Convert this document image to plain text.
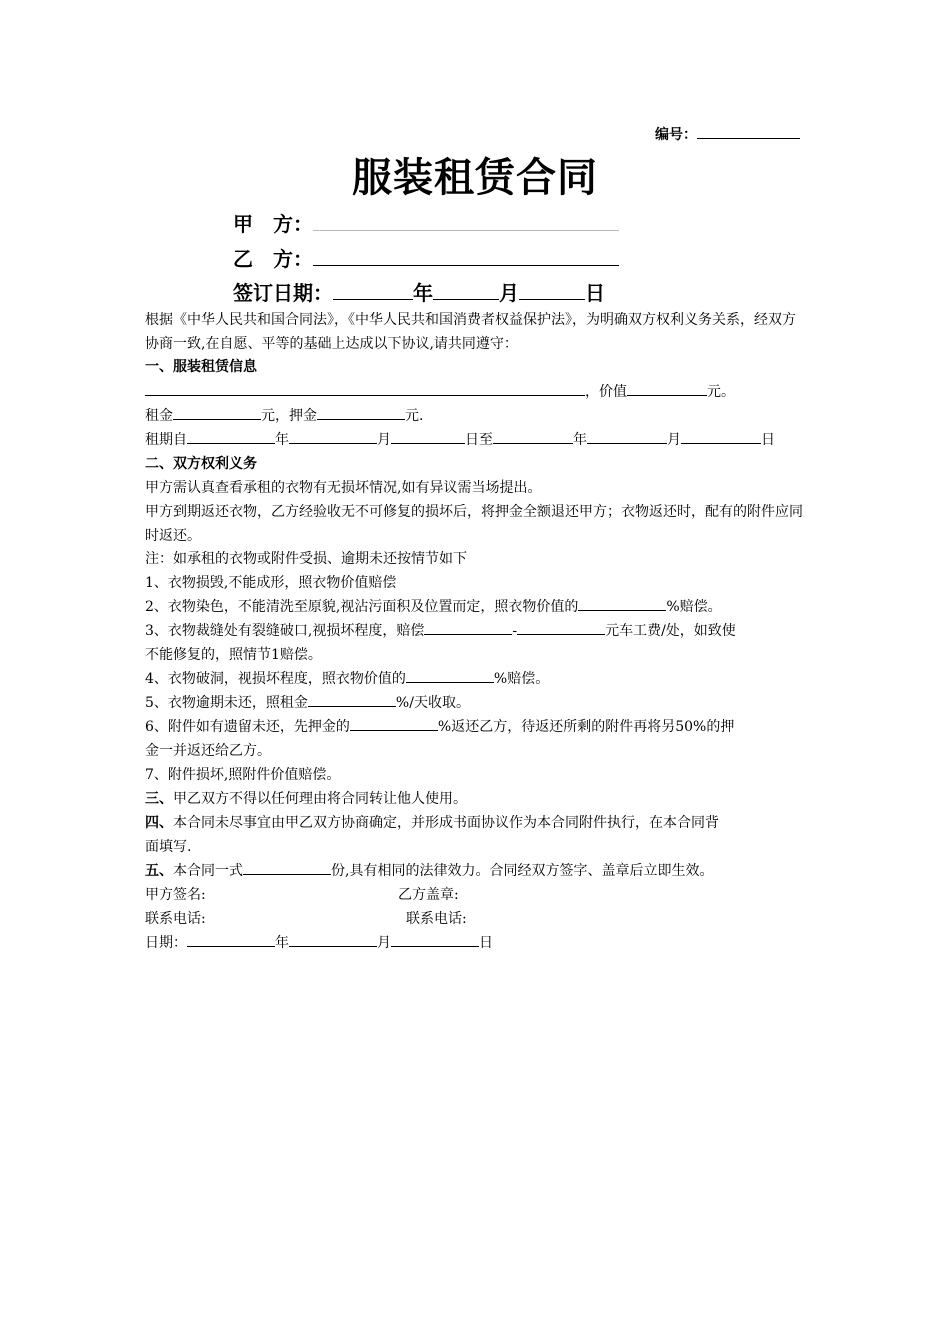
编号：
服装租赁合同
甲　方：
乙　方：
签订日期：	年	月	日
根据《中华人民共和国合同法》，《中华人民共和国消费者权益保护法》，为明确双方权利义务关系，经双方协商一致,在自愿、平等的基础上达成以下协议,请共同遵守：
一、服装租赁信息
，价值	元。
租金	元，押金	元.
租期自	年	月	日至	年	月	日
二、双方权利义务
甲方需认真查看承租的衣物有无损坏情况,如有异议需当场提出。
甲方到期返还衣物，乙方经验收无不可修复的损坏后，将押金全额退还甲方；衣物返还时，配有的附件应同时返还。
注：如承租的衣物或附件受损、逾期未还按情节如下
1、衣物损毁,不能成形，照衣物价值赔偿
2、衣物染色，不能清洗至原貌,视沾污面积及位置而定，照衣物价值的	%赔偿。
3、衣物裁缝处有裂缝破口,视损坏程度，赔偿	-	元车工费/处，如致使
不能修复的，照情节1赔偿。
4、衣物破洞，视损坏程度，照衣物价值的	%赔偿。
5、衣物逾期未还，照租金	%/天收取。
6、附件如有遗留未还，先押金的	%返还乙方，待返还所剩的附件再将另50%的押
金一并返还给乙方。
7、附件损坏,照附件价值赔偿。
三、甲乙双方不得以任何理由将合同转让他人使用。
四、本合同未尽事宜由甲乙双方协商确定，并形成书面协议作为本合同附件执行，在本合同背
面填写.
五、本合同一式	份,具有相同的法律效力。合同经双方签字、盖章后立即生效。
甲方签名:	乙方盖章:
联系电话:	联系电话:
日期：	年	月	日
